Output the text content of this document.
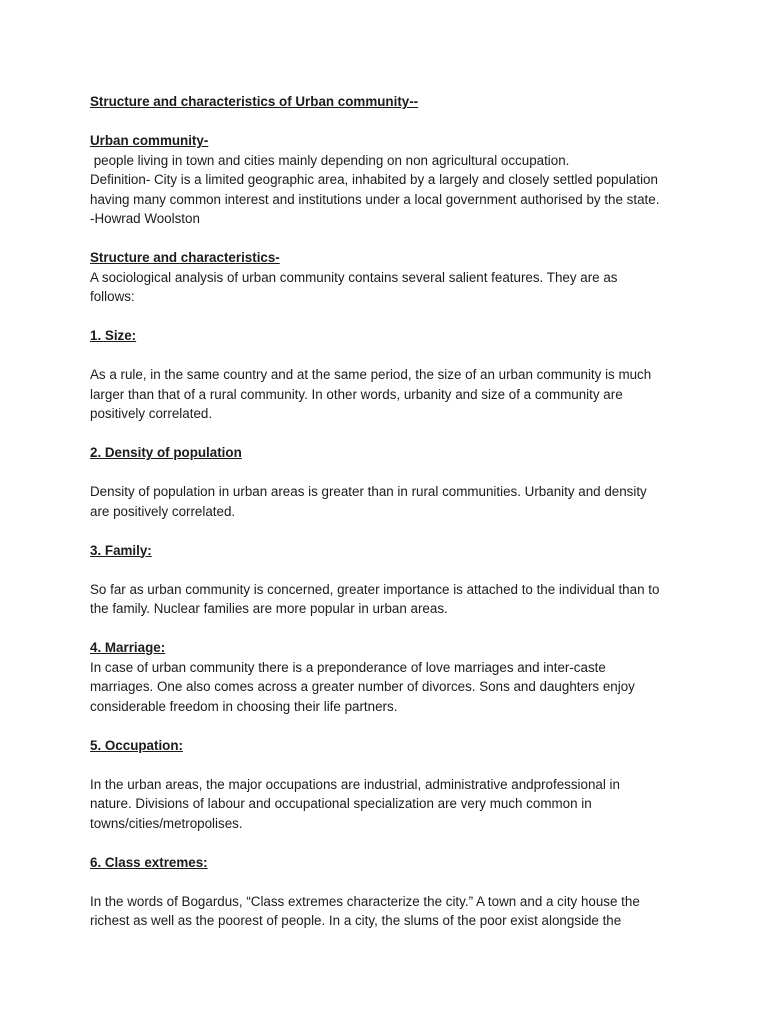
Structure and characteristics of Urban community--
Urban community-
people living in town and cities mainly depending on non agricultural occupation.
Definition- City is a limited geographic area, inhabited by a largely and closely settled population
having many common interest and institutions under a local government authorised by the state.
-Howrad Woolston
Structure and characteristics-
A sociological analysis of urban community contains several salient features. They are as
follows:
1. Size:
As a rule, in the same country and at the same period, the size of an urban community is much
larger than that of a rural community. In other words, urbanity and size of a community are
positively correlated.
2. Density of population
Density of population in urban areas is greater than in rural communities. Urbanity and density
are positively correlated.
3. Family:
So far as urban community is concerned, greater importance is attached to the individual than to
the family. Nuclear families are more popular in urban areas.
4. Marriage:
In case of urban community there is a preponderance of love marriages and inter-caste
marriages. One also comes across a greater number of divorces. Sons and daughters enjoy
considerable freedom in choosing their life partners.
5. Occupation:
In the urban areas, the major occupations are industrial, administrative andprofessional in
nature. Divisions of labour and occupational specialization are very much common in
towns/cities/metropolises.
6. Class extremes:
In the words of Bogardus, “Class extremes characterize the city.” A town and a city house the
richest as well as the poorest of people. In a city, the slums of the poor exist alongside the
